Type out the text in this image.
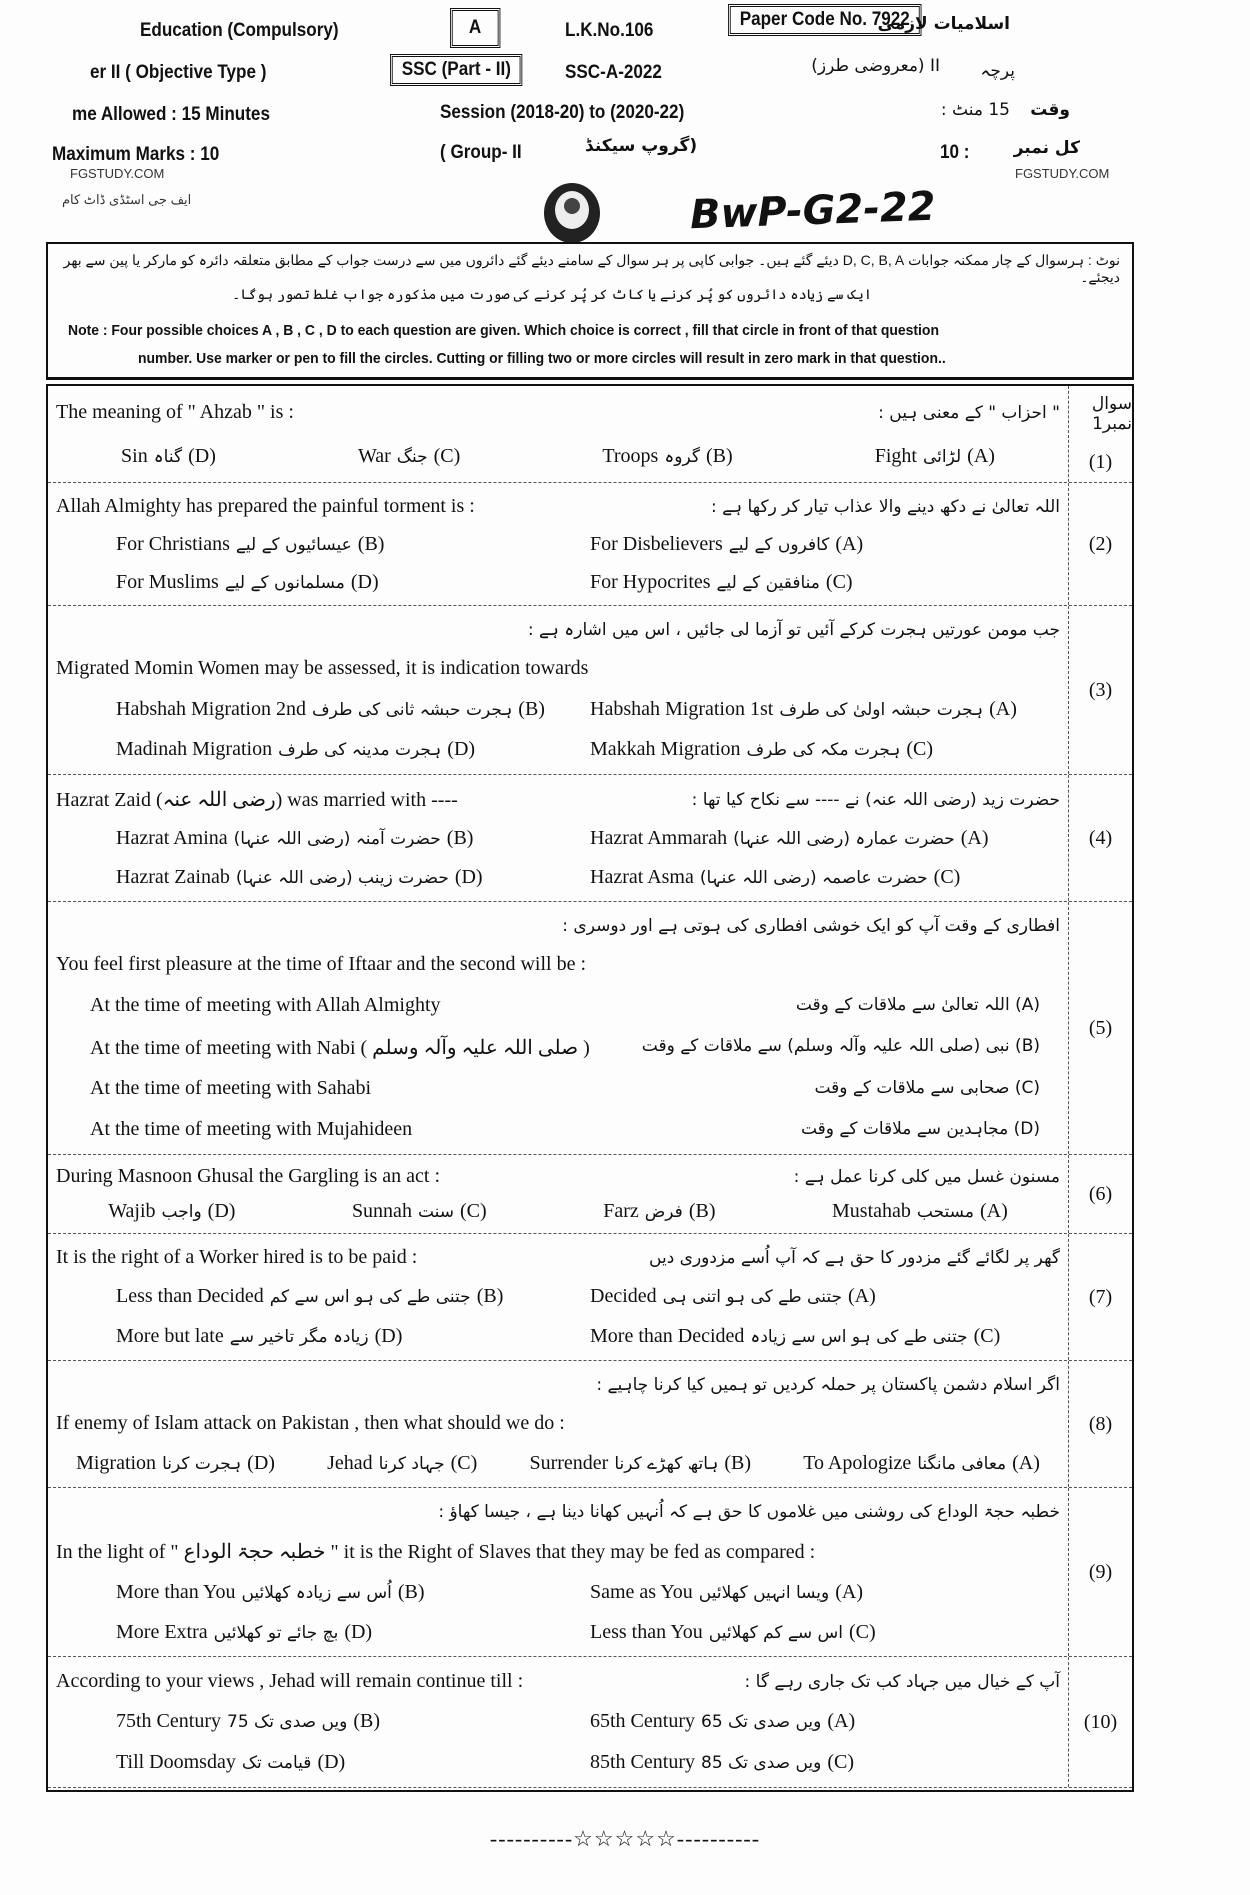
Education (Compulsory)	A	L.K.No.106
Paper Code No. 7922
اسلامیات لازمی
er II ( Objective Type )	SSC (Part - II)	SSC-A-2022	II (معروضی طرز) پرچہ
me Allowed : 15 Minutes	Session (2018-20) to (2020-22)	15 منٹ : وقت
Maximum Marks : 10	( Group- II	(گروپ سیکنڈ	10 :	کل نمبر
FGSTUDY.COM
ایف جی اسٹڈی ڈاٹ کام
FGSTUDY.COM
BwP-G2-22
نوٹ : ہرسوال کے چار ممکنہ جوابات D, C, B, A دیئے گئے ہیں۔ جوابی کاپی پر ہر سوال کے سامنے دیئے گئے دائروں میں سے درست جواب کے مطابق متعلقہ دائرہ کو مارکر یا پین سے بھر دیجئے۔
ایک سے زیادہ دائروں کو پُر کرنے یا کاٹ کر پُر کرنے کی صورت میں مذکورہ جواب غلط تصور ہوگا۔
Note : Four possible choices A , B , C , D to each question are given. Which choice is correct , fill that circle in front of that question
number. Use marker or pen to fill the circles. Cutting or filling two or more circles will result in zero mark in that question..
The meaning of " Ahzab " is :	" احزاب " کے معنی ہیں :
Sin گناہ (D)	War جنگ (C)	Troops گروہ (B)	Fight لڑائی (A)
سوال نمبر1
(1)
Allah Almighty has prepared the painful torment is :	اللہ تعالیٰ نے دکھ دینے والا عذاب تیار کر رکھا ہے :
For Christians عیسائیوں کے لیے (B)	For Disbelievers کافروں کے لیے (A)
For Muslims مسلمانوں کے لیے (D)	For Hypocrites منافقین کے لیے (C)
(2)
جب مومن عورتیں ہجرت کرکے آئیں تو آزما لی جائیں ، اس میں اشارہ ہے :
Migrated Momin Women may be assessed, it is indication towards
Habshah Migration 2nd ہجرت حبشہ ثانی کی طرف (B)	Habshah Migration 1st ہجرت حبشہ اولیٰ کی طرف (A)
Madinah Migration ہجرت مدینہ کی طرف (D)	Makkah Migration ہجرت مکہ کی طرف (C)
(3)
Hazrat Zaid (رضی اللہ عنہ) was married with ----	حضرت زید (رضی اللہ عنہ) نے ---- سے نکاح کیا تھا :
Hazrat Amina حضرت آمنہ (رضی اللہ عنہا) (B)	Hazrat Ammarah حضرت عمارہ (رضی اللہ عنہا) (A)
Hazrat Zainab حضرت زینب (رضی اللہ عنہا) (D)	Hazrat Asma حضرت عاصمہ (رضی اللہ عنہا) (C)
(4)
افطاری کے وقت آپ کو ایک خوشی افطاری کی ہوتی ہے اور دوسری :
You feel first pleasure at the time of Iftaar and the second will be :
At the time of meeting with Allah Almighty	(A) اللہ تعالیٰ سے ملاقات کے وقت
At the time of meeting with Nabi ( صلی اللہ علیہ وآلہ وسلم )	(B) نبی (صلی اللہ علیہ وآلہ وسلم) سے ملاقات کے وقت
At the time of meeting with Sahabi	(C) صحابی سے ملاقات کے وقت
At the time of meeting with Mujahideen	(D) مجاہدین سے ملاقات کے وقت
(5)
During Masnoon Ghusal the Gargling is an act :	مسنون غسل میں کلی کرنا عمل ہے :
Wajib واجب (D)	Sunnah سنت (C)	Farz فرض (B)	Mustahab مستحب (A)
(6)
It is the right of a Worker hired is to be paid :	گھر پر لگائے گئے مزدور کا حق ہے کہ آپ اُسے مزدوری دیں
Less than Decided جتنی طے کی ہو اس سے کم (B)	Decided جتنی طے کی ہو اتنی ہی (A)
More but late زیادہ مگر تاخیر سے (D)	More than Decided جتنی طے کی ہو اس سے زیادہ (C)
(7)
اگر اسلام دشمن پاکستان پر حملہ کردیں تو ہمیں کیا کرنا چاہیے :
If enemy of Islam attack on Pakistan , then what should we do :
Migration ہجرت کرنا (D)	Jehad جہاد کرنا (C)	Surrender ہاتھ کھڑے کرنا (B)	To Apologize معافی مانگنا (A)
(8)
خطبہ حجۃ الوداع کی روشنی میں غلاموں کا حق ہے کہ اُنہیں کھانا دینا ہے ، جیسا کھاؤ :
In the light of " خطبہ حجۃ الوداع " it is the Right of Slaves that they may be fed as compared :
More than You اُس سے زیادہ کھلائیں (B)	Same as You ویسا انہیں کھلائیں (A)
More Extra بچ جائے تو کھلائیں (D)	Less than You اس سے کم کھلائیں (C)
(9)
According to your views , Jehad will remain continue till :	آپ کے خیال میں جہاد کب تک جاری رہے گا :
75th Century 75 ویں صدی تک (B)	65th Century 65 ویں صدی تک (A)
Till Doomsday قیامت تک (D)	85th Century 85 ویں صدی تک (C)
(10)
----------☆☆☆☆☆----------
